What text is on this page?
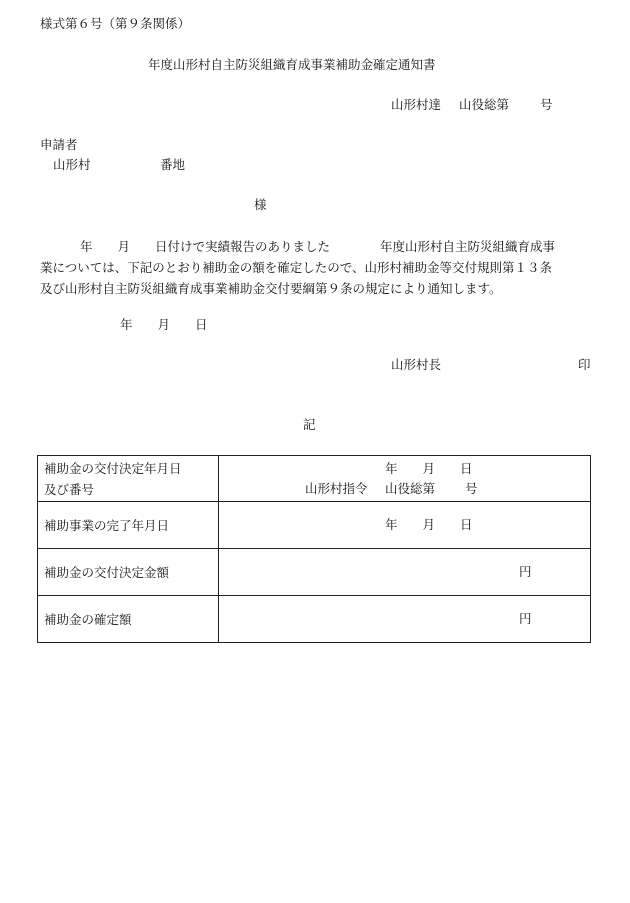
様式第６号（第９条関係）
年度山形村自主防災組織育成事業補助金確定通知書
山形村達 山役総第 号
申請者
山形村	番地
様
年　　月　　日付けで実績報告のありました　　　　年度山形村自主防災組織育成事
業については、下記のとおり補助金の額を確定したので、山形村補助金等交付規則第１３条
及び山形村自主防災組織育成事業補助金交付要綱第９条の規定により通知します。
年　　月　　日
山形村長	印
記
補助金の交付決定年月日
及び番号	年　　月　　日
山形村指令 山役総第 号

補助事業の完了年月日	年　　月　　日

補助金の交付決定金額	円

補助金の確定額	円
